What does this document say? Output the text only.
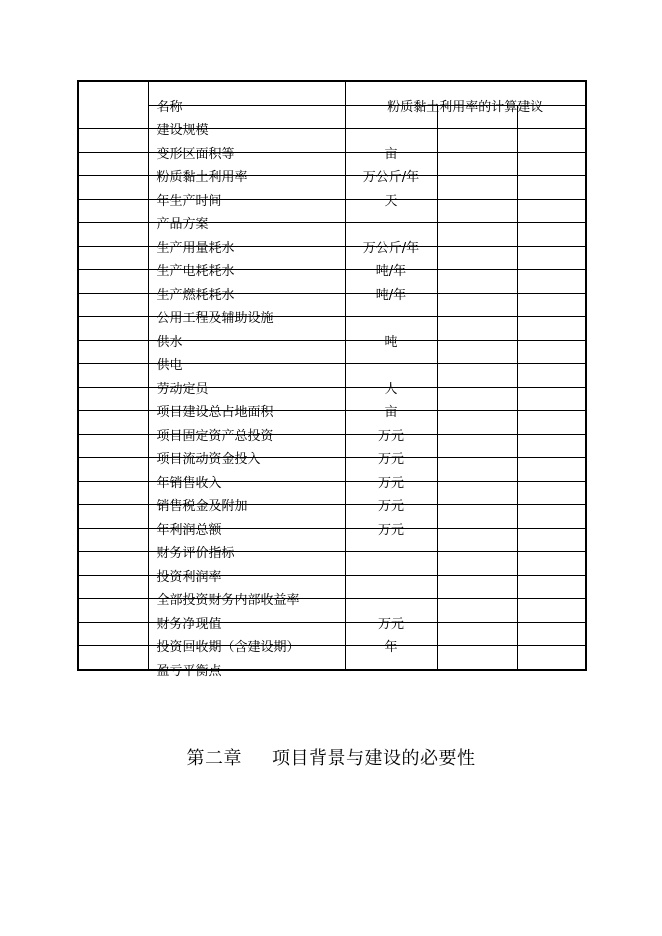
	名称	粉质黏土利用率的计算建议		

	建设规模			

	变形区面积等	亩		

	粉质黏土利用率	万公斤/年		

	年生产时间	天		

	产品方案			

	生产用量耗水	万公斤/年		

	生产电耗耗水	吨/年		

	生产燃耗耗水	吨/年		

	公用工程及辅助设施			

	供水	吨		

	供电			

	劳动定员	人		

	项目建设总占地面积	亩		

	项目固定资产总投资	万元		

	项目流动资金投入	万元		

	年销售收入	万元		

	销售税金及附加	万元		

	年利润总额	万元		

	财务评价指标			

	投资利润率			

	全部投资财务内部收益率			

	财务净现值	万元		

	投资回收期（含建设期）	年		

	盈亏平衡点			

第二章 项目背景与建设的必要性
